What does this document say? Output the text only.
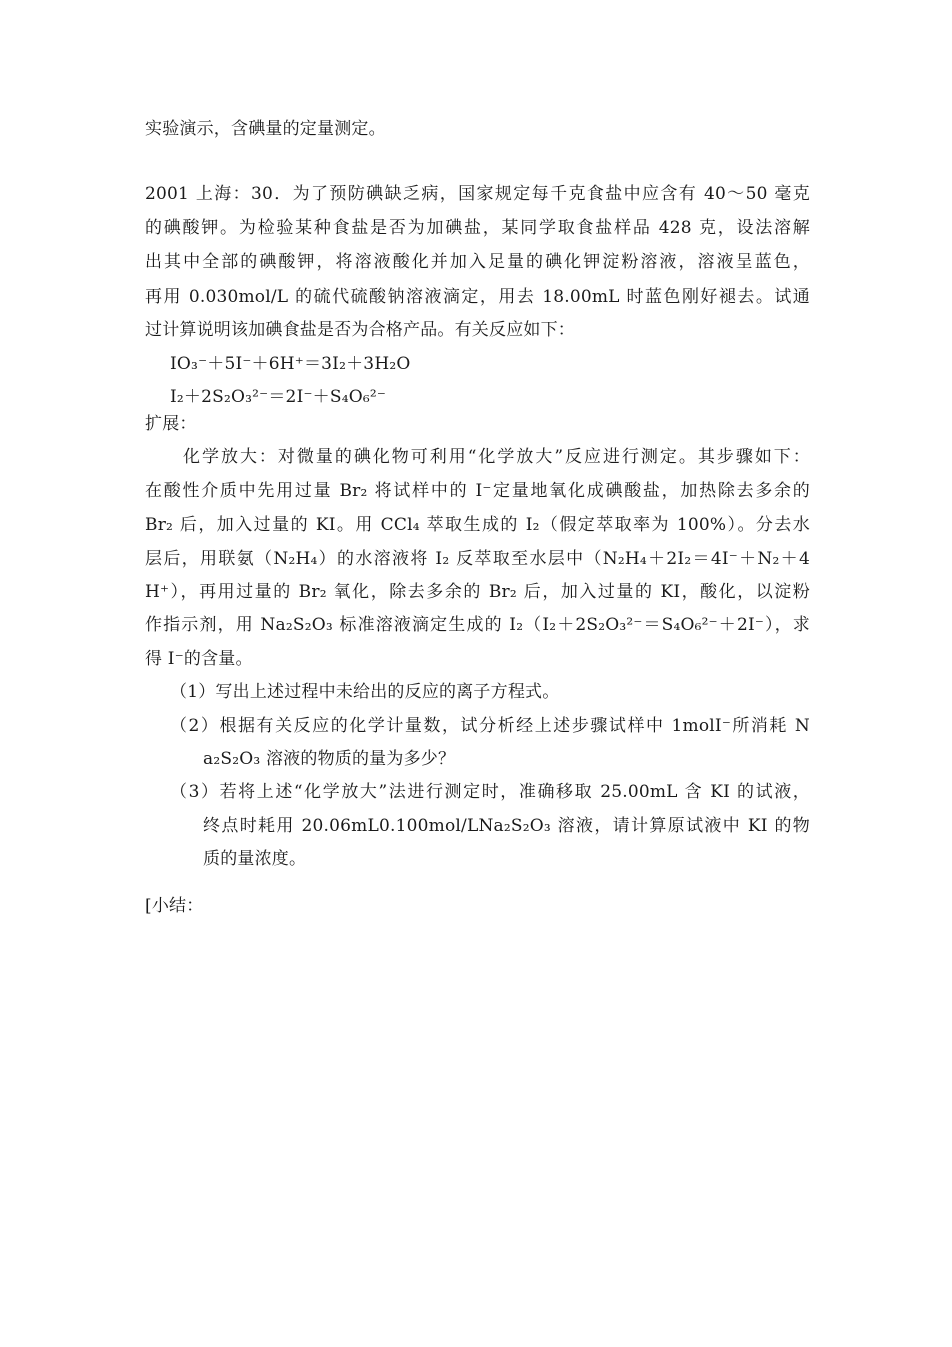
实验演示，含碘量的定量测定。
2001 上海：30．为了预防碘缺乏病，国家规定每千克食盐中应含有 40～50 毫克
的碘酸钾。为检验某种食盐是否为加碘盐，某同学取食盐样品 428 克，设法溶解
出其中全部的碘酸钾，将溶液酸化并加入足量的碘化钾淀粉溶液，溶液呈蓝色，
再用 0.030mol/L 的硫代硫酸钠溶液滴定，用去 18.00mL 时蓝色刚好褪去。试通
过计算说明该加碘食盐是否为合格产品。有关反应如下：
IO₃⁻＋5I⁻＋6H⁺＝3I₂＋3H₂O
I₂＋2S₂O₃²⁻＝2I⁻＋S₄O₆²⁻
扩展：
化学放大：对微量的碘化物可利用“化学放大”反应进行测定。其步骤如下：
在酸性介质中先用过量 Br₂ 将试样中的 I⁻定量地氧化成碘酸盐，加热除去多余的
Br₂ 后，加入过量的 KI。用 CCl₄ 萃取生成的 I₂（假定萃取率为 100%）。分去水
层后，用联氨（N₂H₄）的水溶液将 I₂ 反萃取至水层中（N₂H₄＋2I₂＝4I⁻＋N₂＋4
H⁺），再用过量的 Br₂ 氧化，除去多余的 Br₂ 后，加入过量的 KI，酸化，以淀粉
作指示剂，用 Na₂S₂O₃ 标准溶液滴定生成的 I₂（I₂＋2S₂O₃²⁻＝S₄O₆²⁻＋2I⁻），求
得 I⁻的含量。
（1）写出上述过程中未给出的反应的离子方程式。
（2）根据有关反应的化学计量数，试分析经上述步骤试样中 1molI⁻所消耗 N
a₂S₂O₃ 溶液的物质的量为多少？
（3）若将上述“化学放大”法进行测定时，准确移取 25.00mL 含 KI 的试液，
终点时耗用 20.06mL0.100mol/LNa₂S₂O₃ 溶液，请计算原试液中 KI 的物
质的量浓度。
[小结：
